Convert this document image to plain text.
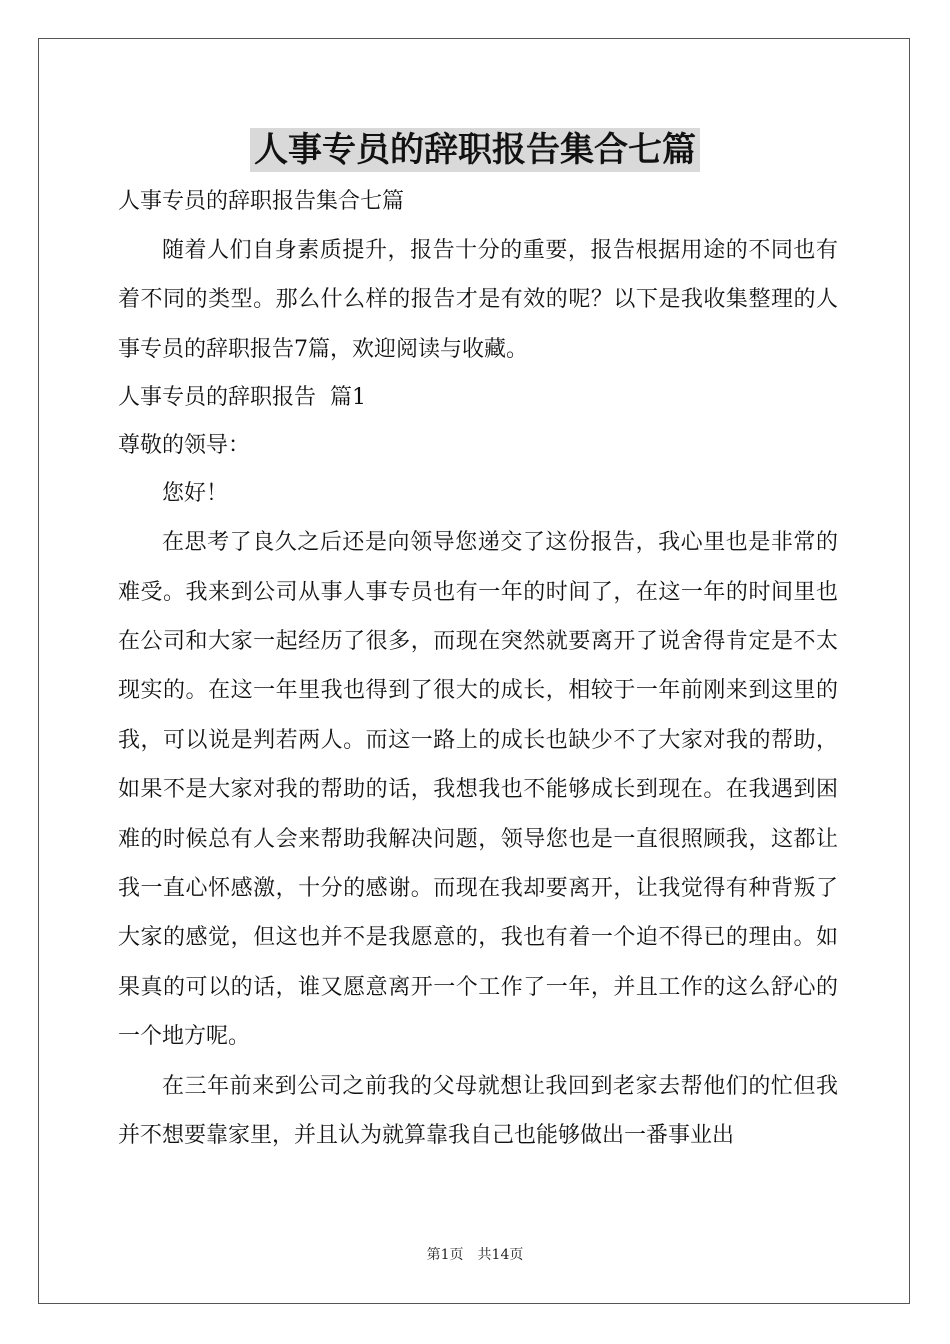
人事专员的辞职报告集合七篇
人事专员的辞职报告集合七篇

随着人们自身素质提升，报告十分的重要，报告根据用途的不同也有着不同的类型。那么什么样的报告才是有效的呢？以下是我收集整理的人事专员的辞职报告7篇，欢迎阅读与收藏。

人事专员的辞职报告  篇1
尊敬的领导：
您好！

在思考了良久之后还是向领导您递交了这份报告，我心里也是非常的难受。我来到公司从事人事专员也有一年的时间了，在这一年的时间里也在公司和大家一起经历了很多，而现在突然就要离开了说舍得肯定是不太现实的。在这一年里我也得到了很大的成长，相较于一年前刚来到这里的我，可以说是判若两人。而这一路上的成长也缺少不了大家对我的帮助，如果不是大家对我的帮助的话，我想我也不能够成长到现在。在我遇到困难的时候总有人会来帮助我解决问题，领导您也是一直很照顾我，这都让我一直心怀感激，十分的感谢。而现在我却要离开，让我觉得有种背叛了大家的感觉，但这也并不是我愿意的，我也有着一个迫不得已的理由。如果真的可以的话，谁又愿意离开一个工作了一年，并且工作的这么舒心的一个地方呢。

在三年前来到公司之前我的父母就想让我回到老家去帮他们的忙但我并不想要靠家里，并且认为就算靠我自己也能够做出一番事业出

第1页　共14页
